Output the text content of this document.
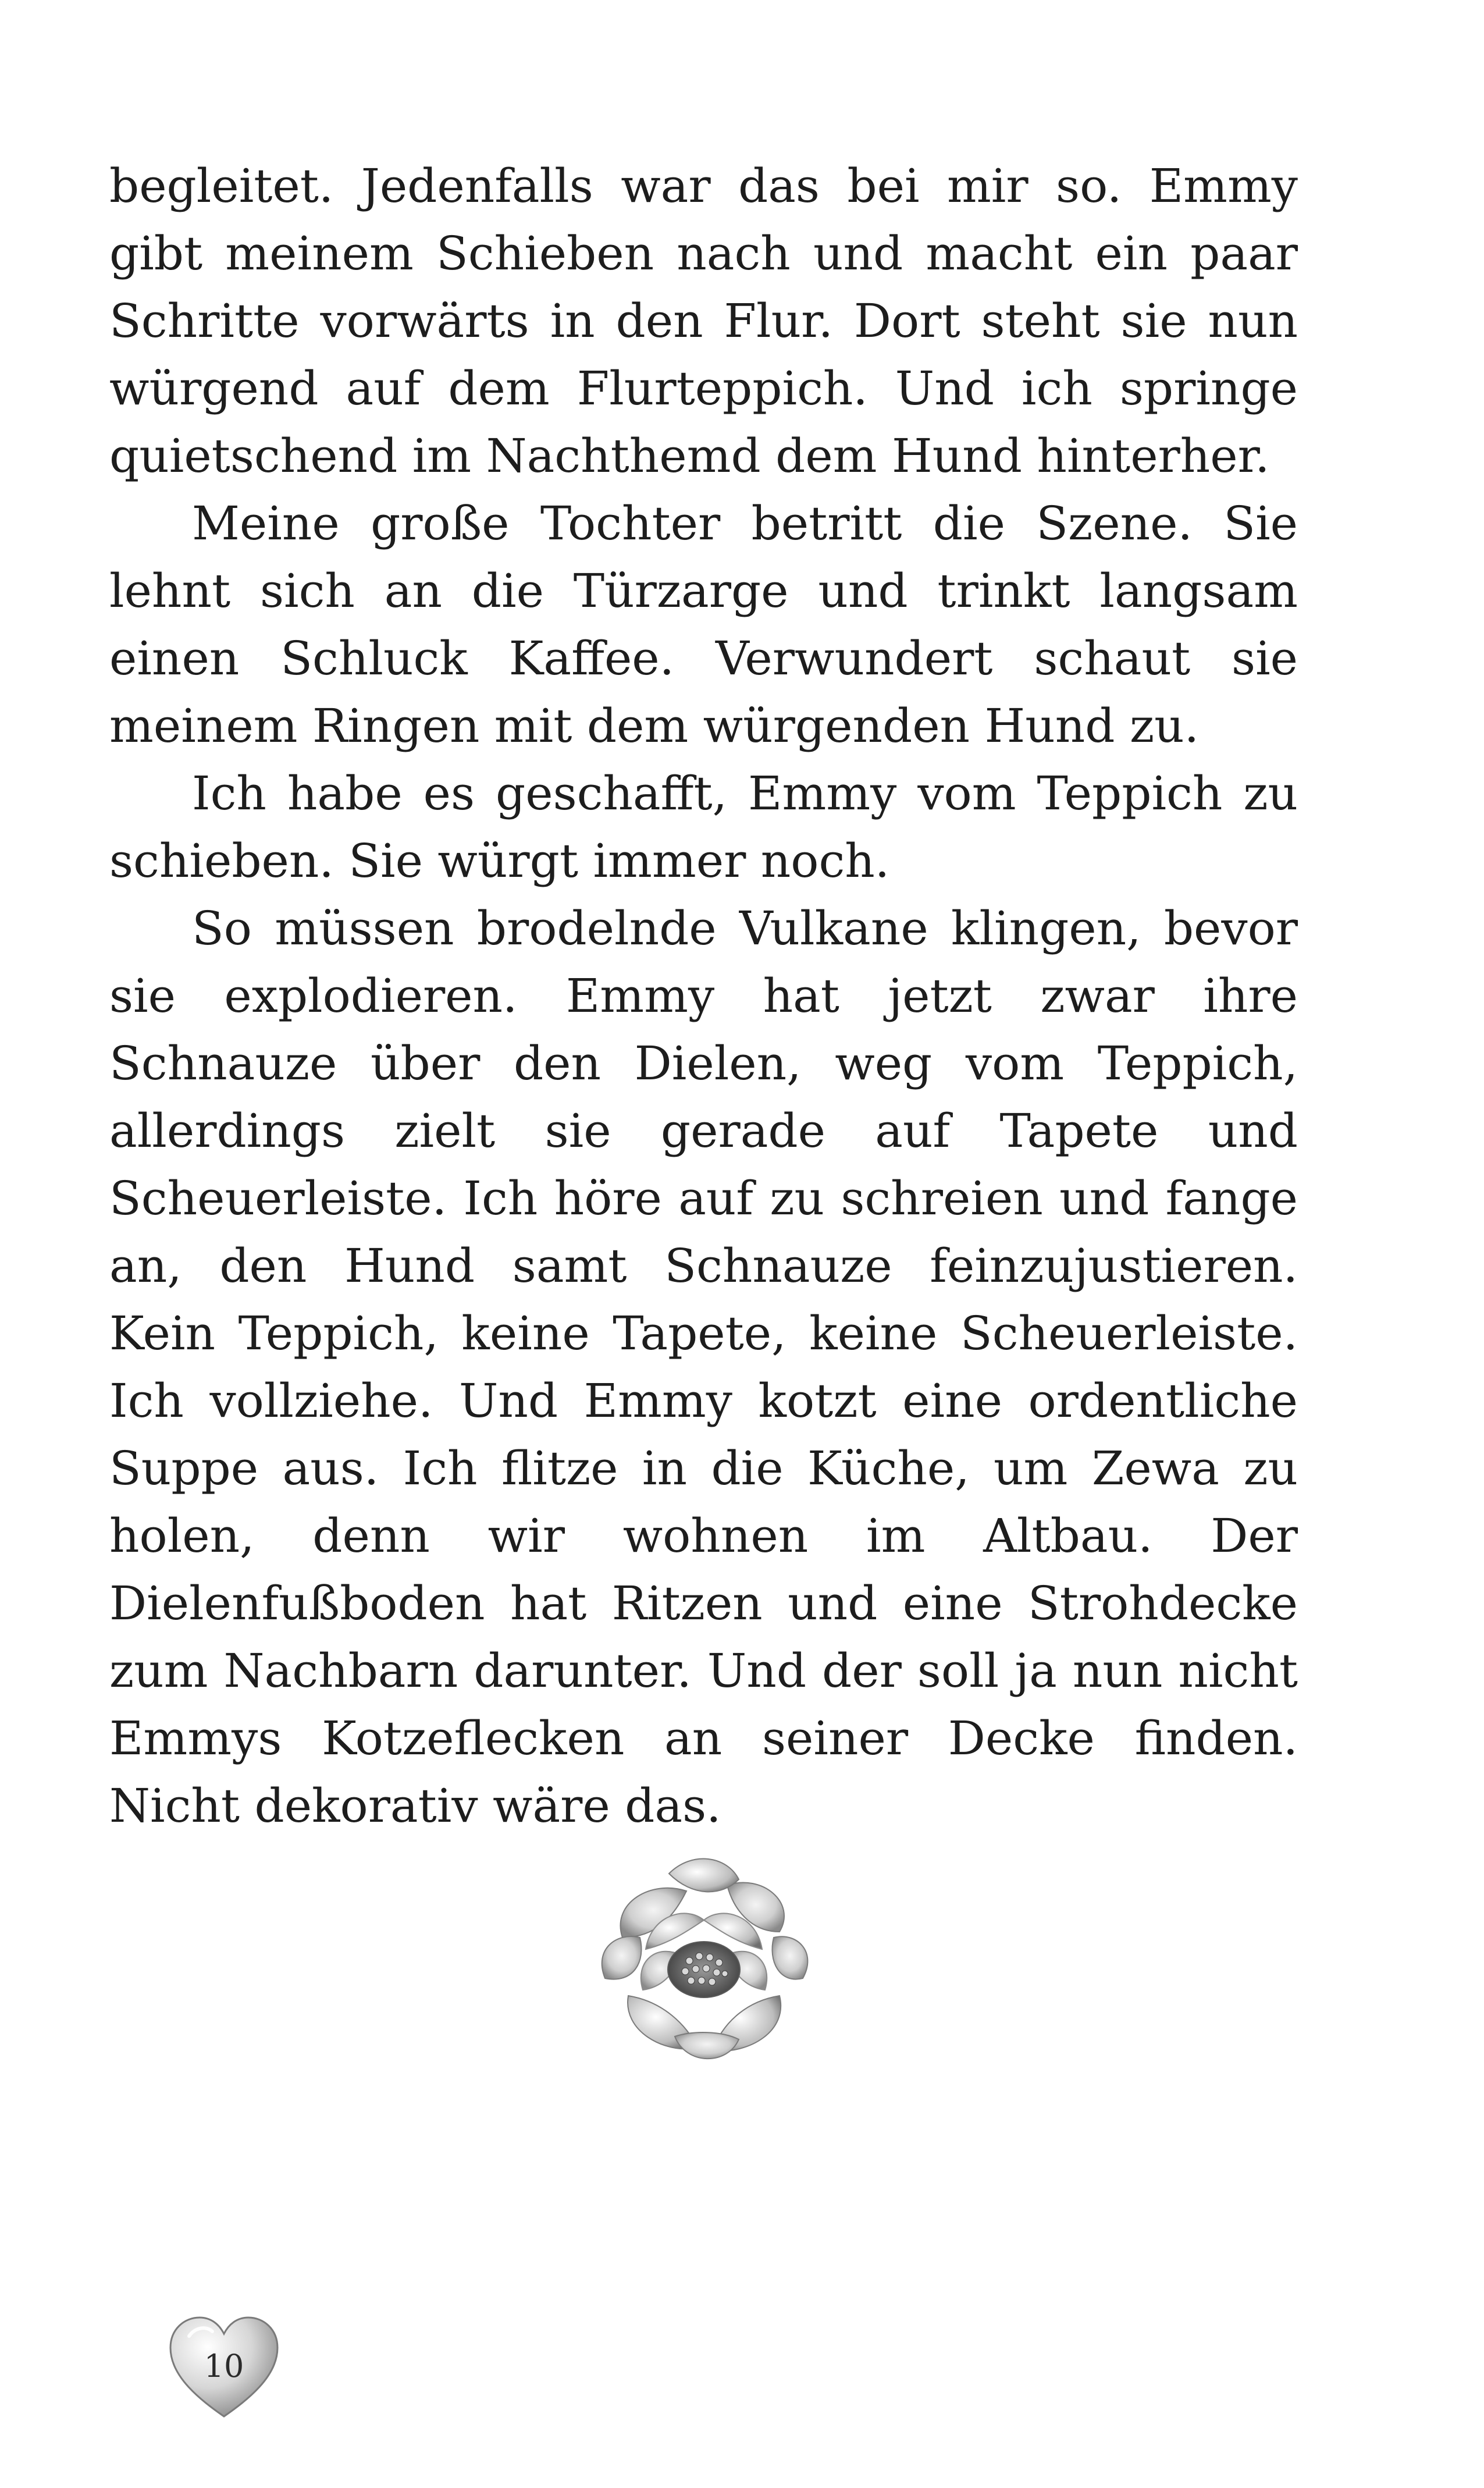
begleitet. Jedenfalls war das bei mir so. Emmy gibt meinem Schieben nach und macht ein paar Schritte vorwärts in den Flur. Dort steht sie nun würgend auf dem Flurteppich. Und ich springe quietschend im Nachthemd dem Hund hinterher.

Meine große Tochter betritt die Szene. Sie lehnt sich an die Türzarge und trinkt langsam einen Schluck Kaffee. Verwundert schaut sie meinem Ringen mit dem würgenden Hund zu.

Ich habe es geschafft, Emmy vom Teppich zu schieben. Sie würgt immer noch.

So müssen brodelnde Vulkane klingen, bevor sie explodieren. Emmy hat jetzt zwar ihre Schnauze über den Dielen, weg vom Teppich, allerdings zielt sie gerade auf Tapete und Scheuerleiste. Ich höre auf zu schreien und fange an, den Hund samt Schnauze feinzujustieren. Kein Teppich, keine Tapete, keine Scheuerleiste. Ich vollziehe. Und Emmy kotzt eine ordentliche Suppe aus. Ich flitze in die Küche, um Zewa zu holen, denn wir wohnen im Altbau. Der Dielenfußboden hat Ritzen und eine Strohdecke zum Nachbarn darunter. Und der soll ja nun nicht Emmys Kotzeflecken an seiner Decke finden. Nicht dekorativ wäre das.

10
